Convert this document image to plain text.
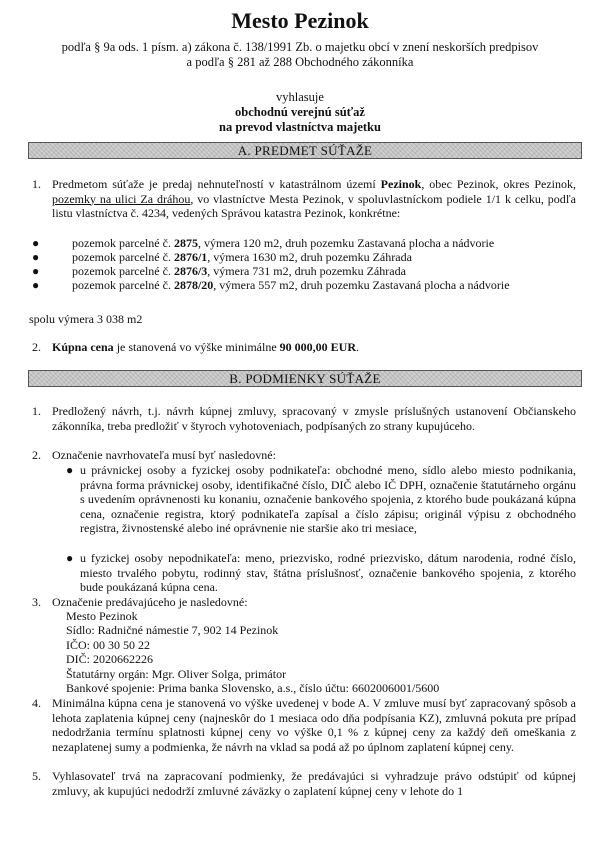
Mesto Pezinok
podľa § 9a ods. 1 písm. a) zákona č. 138/1991 Zb. o majetku obcí v znení neskorších predpisov
a podľa § 281 až 288 Obchodného zákonníka
vyhlasuje
obchodnú verejnú súťaž
na prevod vlastníctva majetku
A. PREDMET SÚŤAŽE
1. Predmetom súťaže je predaj nehnuteľností v katastrálnom území Pezinok, obec Pezinok, okres Pezinok, pozemky na ulici Za dráhou, vo vlastníctve Mesta Pezinok, v spoluvlastníckom podiele 1/1 k celku, podľa listu vlastníctva č. 4234, vedených Správou katastra Pezinok, konkrétne:
●	pozemok parcelné č. 2875, výmera 120 m2, druh pozemku Zastavaná plocha a nádvorie
●	pozemok parcelné č. 2876/1, výmera 1630 m2, druh pozemku Záhrada
●	pozemok parcelné č. 2876/3, výmera 731 m2, druh pozemku Záhrada
●	pozemok parcelné č. 2878/20, výmera 557 m2, druh pozemku Zastavaná plocha a nádvorie
spolu výmera 3 038 m2
2. Kúpna cena je stanovená vo výške minimálne 90 000,00 EUR.
B. PODMIENKY SÚŤAŽE
1. Predložený návrh, t.j. návrh kúpnej zmluvy, spracovaný v zmysle príslušných ustanovení Občianskeho zákonníka, treba predložiť v štyroch vyhotoveniach, podpísaných zo strany kupujúceho.
2. Označenie navrhovateľa musí byť nasledovné:
● u právnickej osoby a fyzickej osoby podnikateľa: obchodné meno, sídlo alebo miesto podnikania, právna forma právnickej osoby, identifikačné číslo, DIČ alebo IČ DPH, označenie štatutárneho orgánu s uvedením oprávnenosti ku konaniu, označenie bankového spojenia, z ktorého bude poukázaná kúpna cena, označenie registra, ktorý podnikateľa zapísal a číslo zápisu; originál výpisu z obchodného registra, živnostenské alebo iné oprávnenie nie staršie ako tri mesiace,
● u fyzickej osoby nepodnikateľa: meno, priezvisko, rodné priezvisko, dátum narodenia, rodné číslo, miesto trvalého pobytu, rodinný stav, štátna príslušnosť, označenie bankového spojenia, z ktorého bude poukázaná kúpna cena.
3. Označenie predávajúceho je nasledovné:
Mesto Pezinok
Sídlo: Radničné námestie 7, 902 14 Pezinok
IČO: 00 30 50 22
DIČ: 2020662226
Štatutárny orgán: Mgr. Oliver Solga, primátor
Bankové spojenie: Prima banka Slovensko, a.s., číslo účtu: 6602006001/5600
4. Minimálna kúpna cena je stanovená vo výške uvedenej v bode A. V zmluve musí byť zapracovaný spôsob a lehota zaplatenia kúpnej ceny (najneskôr do 1 mesiaca odo dňa podpísania KZ), zmluvná pokuta pre prípad nedodržania termínu splatnosti kúpnej ceny vo výške 0,1 % z kúpnej ceny za každý deň omeškania z nezaplatenej sumy a podmienka, že návrh na vklad sa podá až po úplnom zaplatení kúpnej ceny.
5. Vyhlasovateľ trvá na zapracovaní podmienky, že predávajúci si vyhradzuje právo odstúpiť od kúpnej zmluvy, ak kupujúci nedodrží zmluvné záväzky o zaplatení kúpnej ceny v lehote do 1
